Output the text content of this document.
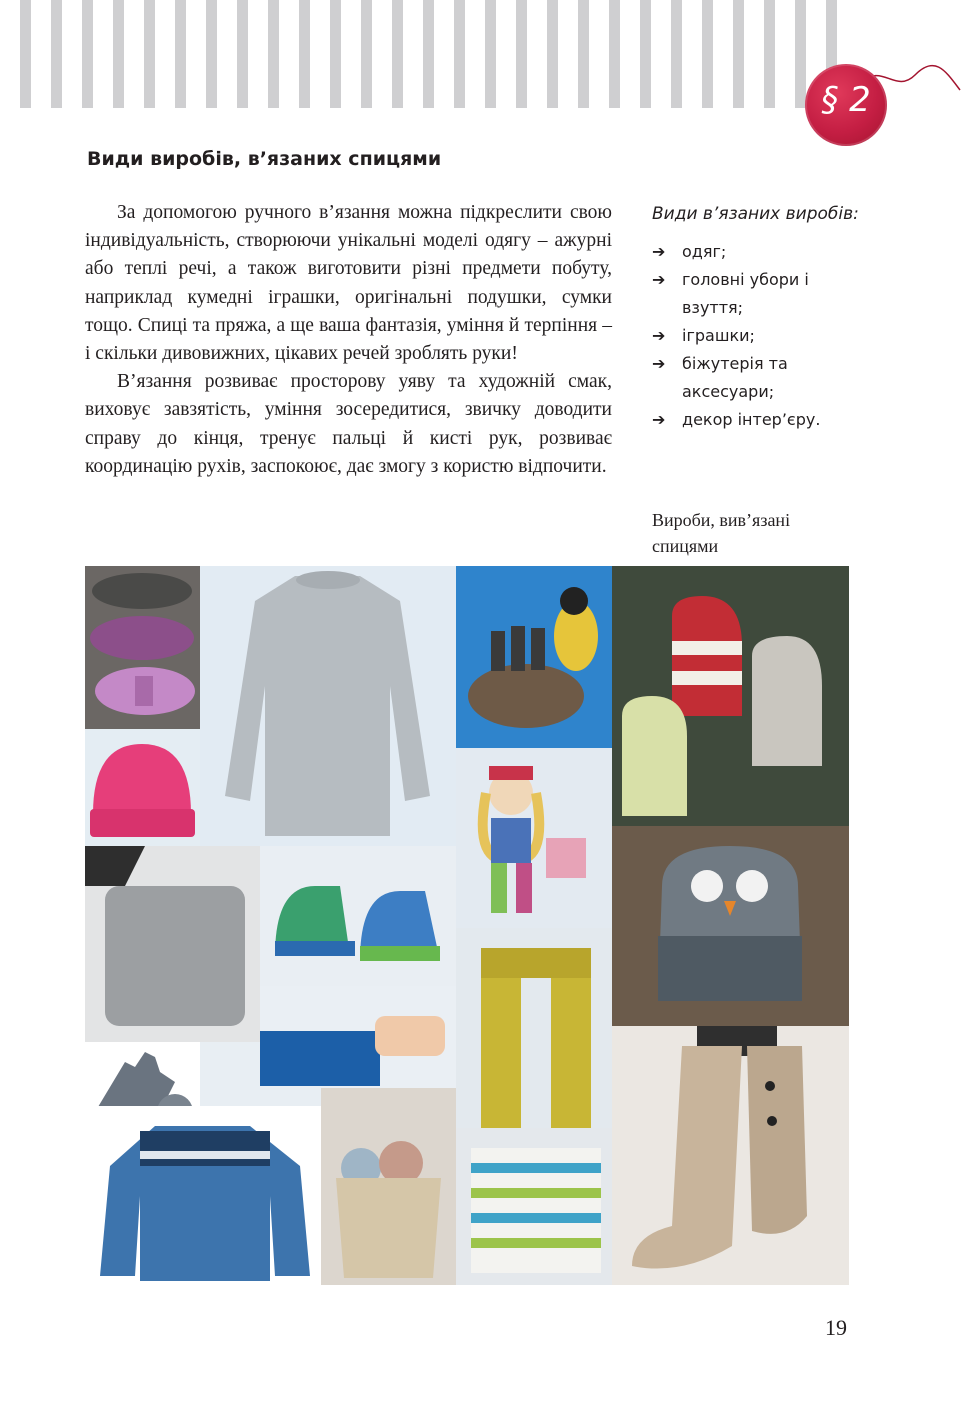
§ 2
Види виробів, в’язаних спицями

За допомогою ручного в’язання можна підкреслити свою індивідуальність, створюючи унікальні моделі одягу – ажурні або теплі речі, а також виготовити різні предмети побуту, наприклад кумедні іграшки, оригінальні подушки, сумки тощо. Спиці та пряжа, а ще ваша фантазія, уміння й терпіння – і скільки дивовижних, цікавих речей зроблять руки!

В’язання розвиває просторову уяву та художній смак, виховує завзятість, уміння зосередитися, звичку доводити справу до кінця, тренує пальці й кисті рук, розвиває координацію рухів, заспокоює, дає змогу з користю відпочити.

Види в’язаних виробів:
➔ одяг;
➔ головні убори і взуття;
➔ іграшки;
➔ біжутерія та аксесуари;
➔ декор інтер’єру.
Вироби, вив’язані спицями
19
